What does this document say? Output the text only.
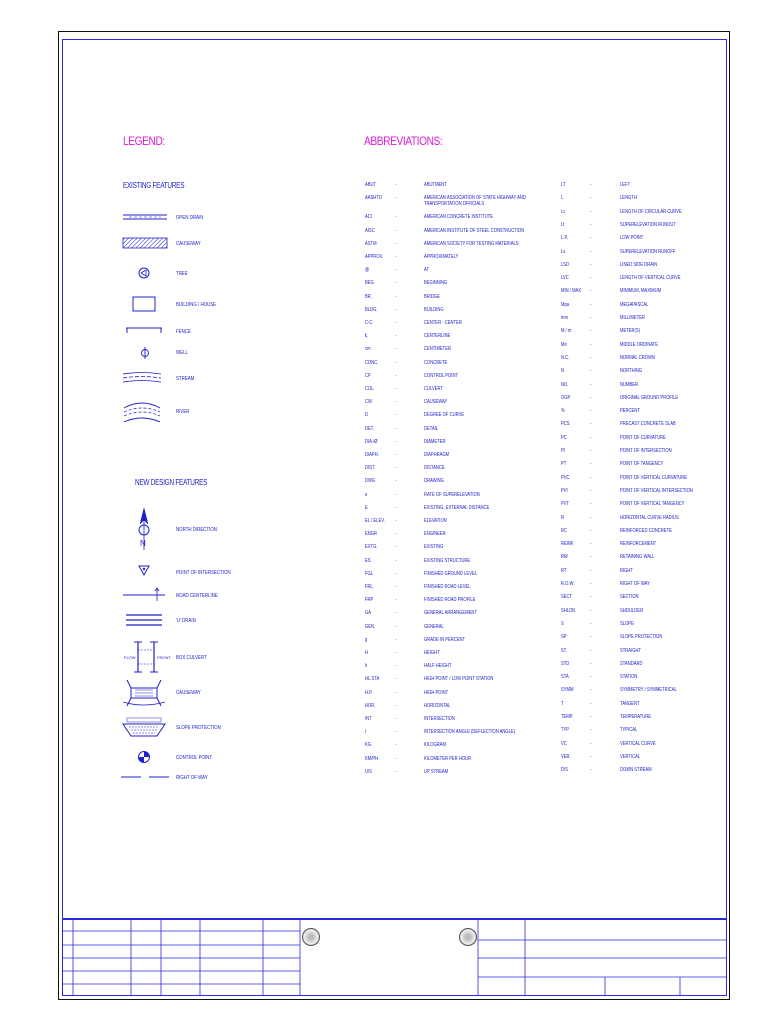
LEGEND:	ABBREVIATIONS:
EXISTING FEATURES
NEW DESIGN FEATURES
OPEN DRAIN
CAUSEWAY
TREE
BUILDING / HOUSE
FENCE
WELL
STREAM
RIVER
N
NORTH DIRECTION
POINT OF INTERSECTION
ROAD CENTERLINE
'U' DRAIN
FLOW	FRONT BOX CULVERT
CAUSEWAY
SLOPE PROTECTION
CONTROL POINT
RIGHT OF WAY
ABUT	-	ABUTMENT
AASHTO	-	AMERICAN ASSOCIATION OF STATE HIGHWAY AND TRANSPORTATION OFFICIALS
ACI	-	AMERICAN CONCRETE INSTITUTE
AISC	-	AMERICAN INSTITUTE OF STEEL CONSTRUCTION
ASTM	-	AMERICAN SOCIETY FOR TESTING MATERIALS
APPROX. -	APPROXIMATELY
@	-	AT
BEG.	-	BEGINNING
BR.	-	BRIDGE
BLDG.	-	BUILDING
C-C	-	CENTER - CENTER
℄	-	CENTERLINE
cm	-	CENTIMETER
CONC.	-	CONCRETE
CP	-	CONTROL POINT
CUL.	-	CULVERT
CW	-	CAUSEWAY
D	-	DEGREE OF CURVE
DET.	-	DETAIL
DIA./Ø	-	DIAMETER
DIAPH.	-	DIAPHRAGM
DIST.	-	DISTANCE
DWG	-	DRAWING
e	-	RATE OF SUPERELEVATION
E	-	EXISTING, EXTERNAL DISTANCE
EL / ELEV. -	ELEVATION
ENGR	-	ENGINEER
EXTG.	-	EXISTING
ES	-	EXISTING STRUCTURE
FGL	-	FINISHED GROUND LEVEL
FRL	-	FINISHED ROAD LEVEL
FRP	-	FINISHED ROAD PROFILE
GA	-	GENERAL ARRANGEMENT
GEN.	-	GENERAL
g	-	GRADE IN PERCENT
H	-	HEIGHT
h	-	HALF HEIGHT
HL.STA	-	HIGH POINT / LOW POINT STATION
H.P.	-	HIGH POINT
HOR.	-	HORIZONTAL
INT	-	INTERSECTION
I	-	INTERSECTION ANGLE (DEFLECTION ANGLE)
KG.	-	KILOGRAM
KM/PH	-	KILOMETER PER HOUR
U/S	-	UP STREAM
LT	-	LEFT
L	-	LENGTH
Lc	-	LENGTH OF CIRCULAR CURVE
Lt	-	SUPERELEVATION RUNOUT
L.P.	-	LOW POINT
Ls	-	SUPERELEVATION RUNOFF
LSD	-	LINED SIDE DRAIN
LVC	-	LENGTH OF VERTICAL CURVE
MIN / MAX -	MINIMUM, MAXIMUM
Mpa	-	MEGAPASCAL
mm	-	MILLIMETER
M / m	-	METER(S)
Mo	-	MIDDLE ORDINATE
N.C.	-	NORMAL CROWN
N	-	NORTHING
NO.	-	NUMBER
OGP	-	ORIGINAL GROUND PROFILE
%	-	PERCENT
PCS	-	PRECAST CONCRETE SLAB
PC	-	POINT OF CURVATURE
PI	-	POINT OF INTERSECTION
PT	-	POINT OF TANGENCY
PVC	-	POINT OF VERTICAL CURVATURE
PVI	-	POINT OF VERTICAL INTERSECTION
PVT	-	POINT OF VERTICAL TANGENCY
R	-	HORIZONTAL CURVE RADIUS
RC	-	REINFORCED CONCRETE
REINF.	-	REINFORCEMENT
RW	-	RETAINING WALL
RT	-	RIGHT
R.O.W.	-	RIGHT OF WAY
SECT	-	SECTION
SHLDR.	-	SHOULDER
S	-	SLOPE
SP	-	SLOPE PROTECTION
ST.	-	STRAIGHT
STD	-	STANDARD
STA	-	STATION
SYMM	-	SYMMETRY / SYMMETRICAL
T	-	TANGENT
TEMP.	-	TEMPERATURE
TYP	-	TYPICAL
VC	-	VERTICAL CURVE
VER.	-	VERTICAL
D/S	-	DOWN STREAM
